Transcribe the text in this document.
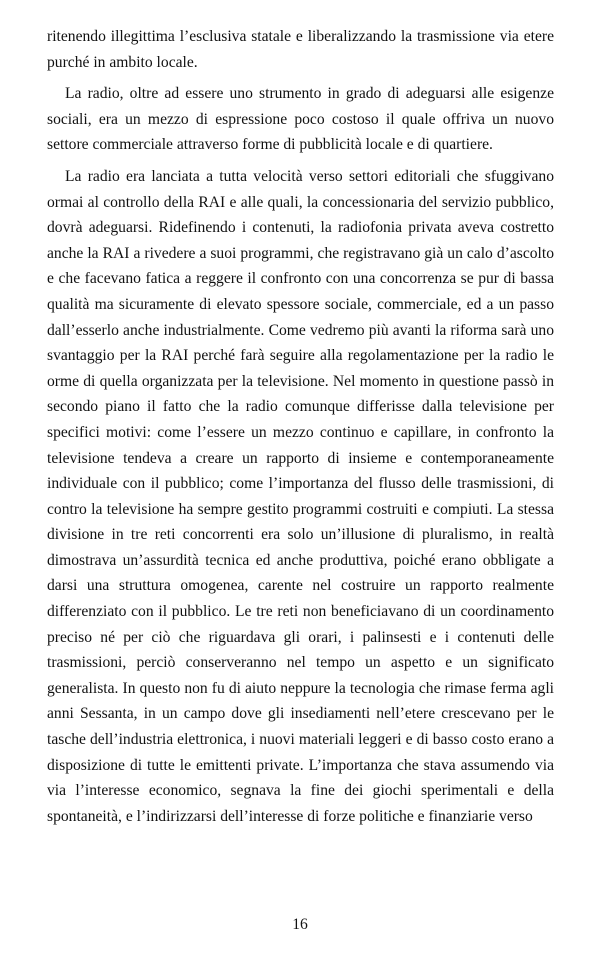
ritenendo illegittima l’esclusiva statale e liberalizzando la trasmissione via etere purché in ambito locale.

La radio, oltre ad essere uno strumento in grado di adeguarsi alle esigenze sociali, era un mezzo di espressione poco costoso il quale offriva un nuovo settore commerciale attraverso forme di pubblicità locale e di quartiere.

La radio era lanciata a tutta velocità verso settori editoriali che sfuggivano ormai al controllo della RAI e alle quali, la concessionaria del servizio pubblico, dovrà adeguarsi. Ridefinendo i contenuti, la radiofonia privata aveva costretto anche la RAI a rivedere a suoi programmi, che registravano già un calo d’ascolto e che facevano fatica a reggere il confronto con una concorrenza se pur di bassa qualità ma sicuramente di elevato spessore sociale, commerciale, ed a un passo dall’esserlo anche industrialmente. Come vedremo più avanti la riforma sarà uno svantaggio per la RAI perché farà seguire alla regolamentazione per la radio le orme di quella organizzata per la televisione. Nel momento in questione passò in secondo piano il fatto che la radio comunque differisse dalla televisione per specifici motivi: come l’essere un mezzo continuo e capillare, in confronto la televisione tendeva a creare un rapporto di insieme e contemporaneamente individuale con il pubblico; come l’importanza del flusso delle trasmissioni, di contro la televisione ha sempre gestito programmi costruiti e compiuti. La stessa divisione in tre reti concorrenti era solo un’illusione di pluralismo, in realtà dimostrava un’assurdità tecnica ed anche produttiva, poiché erano obbligate a darsi una struttura omogenea, carente nel costruire un rapporto realmente differenziato con il pubblico. Le tre reti non beneficiavano di un coordinamento preciso né per ciò che riguardava gli orari, i palinsesti e i contenuti delle trasmissioni, perciò conserveranno nel tempo un aspetto e un significato generalista. In questo non fu di aiuto neppure la tecnologia che rimase ferma agli anni Sessanta, in un campo dove gli insediamenti nell’etere crescevano per le tasche dell’industria elettronica, i nuovi materiali leggeri e di basso costo erano a disposizione di tutte le emittenti private. L’importanza che stava assumendo via via l’interesse economico, segnava la fine dei giochi sperimentali e della spontaneità, e l’indirizzarsi dell’interesse di forze politiche e finanziarie verso

16
